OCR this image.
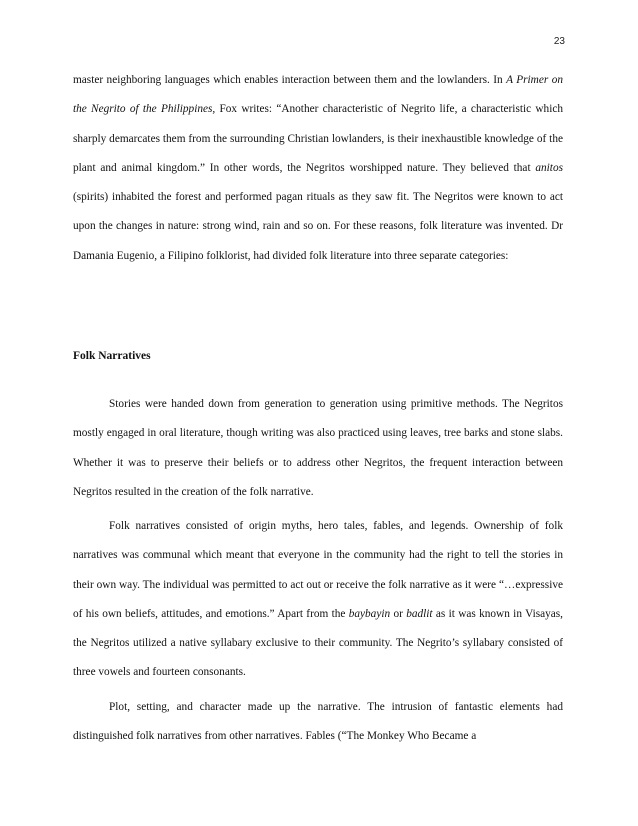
23

master neighboring languages which enables interaction between them and the lowlanders. In A Primer on the Negrito of the Philippines, Fox writes: “Another characteristic of Negrito life, a characteristic which sharply demarcates them from the surrounding Christian lowlanders, is their inexhaustible knowledge of the plant and animal kingdom.” In other words, the Negritos worshipped nature. They believed that anitos (spirits) inhabited the forest and performed pagan rituals as they saw fit. The Negritos were known to act upon the changes in nature: strong wind, rain and so on. For these reasons, folk literature was invented. Dr Damania Eugenio, a Filipino folklorist, had divided folk literature into three separate categories:

Folk Narratives

Stories were handed down from generation to generation using primitive methods. The Negritos mostly engaged in oral literature, though writing was also practiced using leaves, tree barks and stone slabs. Whether it was to preserve their beliefs or to address other Negritos, the frequent interaction between Negritos resulted in the creation of the folk narrative.

Folk narratives consisted of origin myths, hero tales, fables, and legends. Ownership of folk narratives was communal which meant that everyone in the community had the right to tell the stories in their own way. The individual was permitted to act out or receive the folk narrative as it were “…expressive of his own beliefs, attitudes, and emotions.” Apart from the baybayin or badlit as it was known in Visayas, the Negritos utilized a native syllabary exclusive to their community. The Negrito’s syllabary consisted of three vowels and fourteen consonants.

Plot, setting, and character made up the narrative. The intrusion of fantastic elements had distinguished folk narratives from other narratives. Fables (“The Monkey Who Became a
